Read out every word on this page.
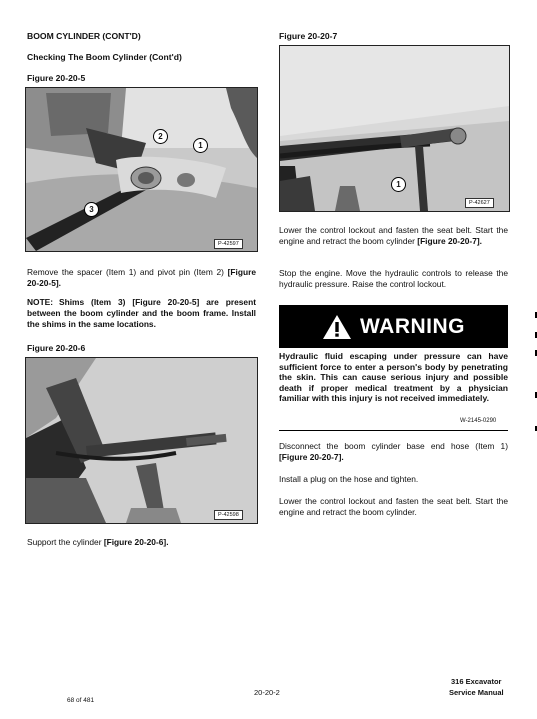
BOOM CYLINDER (CONT'D)
Checking The Boom Cylinder (Cont'd)
Figure 20-20-5
2
1
3
P-42597
Remove the spacer (Item 1) and pivot pin (Item 2) [Figure 20-20-5].
NOTE: Shims (Item 3) [Figure 20-20-5] are present between the boom cylinder and the boom frame. Install the shims in the same locations.
Figure 20-20-6
P-42598
Support the cylinder [Figure 20-20-6].
Figure 20-20-7
1
P-42627
Lower the control lockout and fasten the seat belt. Start the engine and retract the boom cylinder [Figure 20-20-7].
Stop the engine. Move the hydraulic controls to release the hydraulic pressure. Raise the control lockout.
WARNING
Hydraulic fluid escaping under pressure can have sufficient force to enter a person's body by penetrating the skin. This can cause serious injury and possible death if proper medical treatment by a physician familiar with this injury is not received immediately.
W-2145-0290
Disconnect the boom cylinder base end hose (Item 1) [Figure 20-20-7].
Install a plug on the hose and tighten.
Lower the control lockout and fasten the seat belt. Start the engine and retract the boom cylinder.
316 Excavator
Service Manual
20-20-2
68 of 481
